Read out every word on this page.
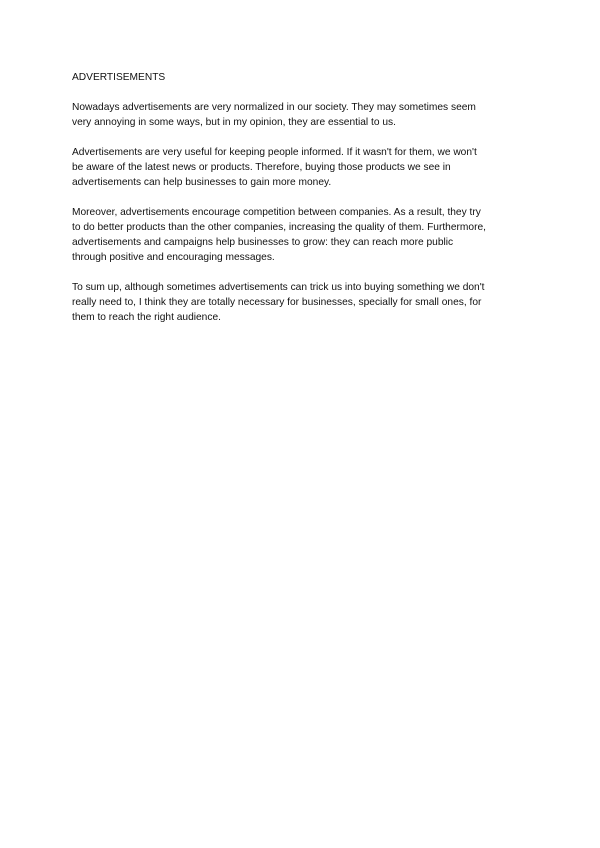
ADVERTISEMENTS
Nowadays advertisements are very normalized in our society. They may sometimes seem
very annoying in some ways, but in my opinion, they are essential to us.
Advertisements are very useful for keeping people informed. If it wasn't for them, we won't
be aware of the latest news or products. Therefore, buying those products we see in
advertisements can help businesses to gain more money.
Moreover, advertisements encourage competition between companies. As a result, they try
to do better products than the other companies, increasing the quality of them. Furthermore,
advertisements and campaigns help businesses to grow: they can reach more public
through positive and encouraging messages.
To sum up, although sometimes advertisements can trick us into buying something we don't
really need to, I think they are totally necessary for businesses, specially for small ones, for
them to reach the right audience.
